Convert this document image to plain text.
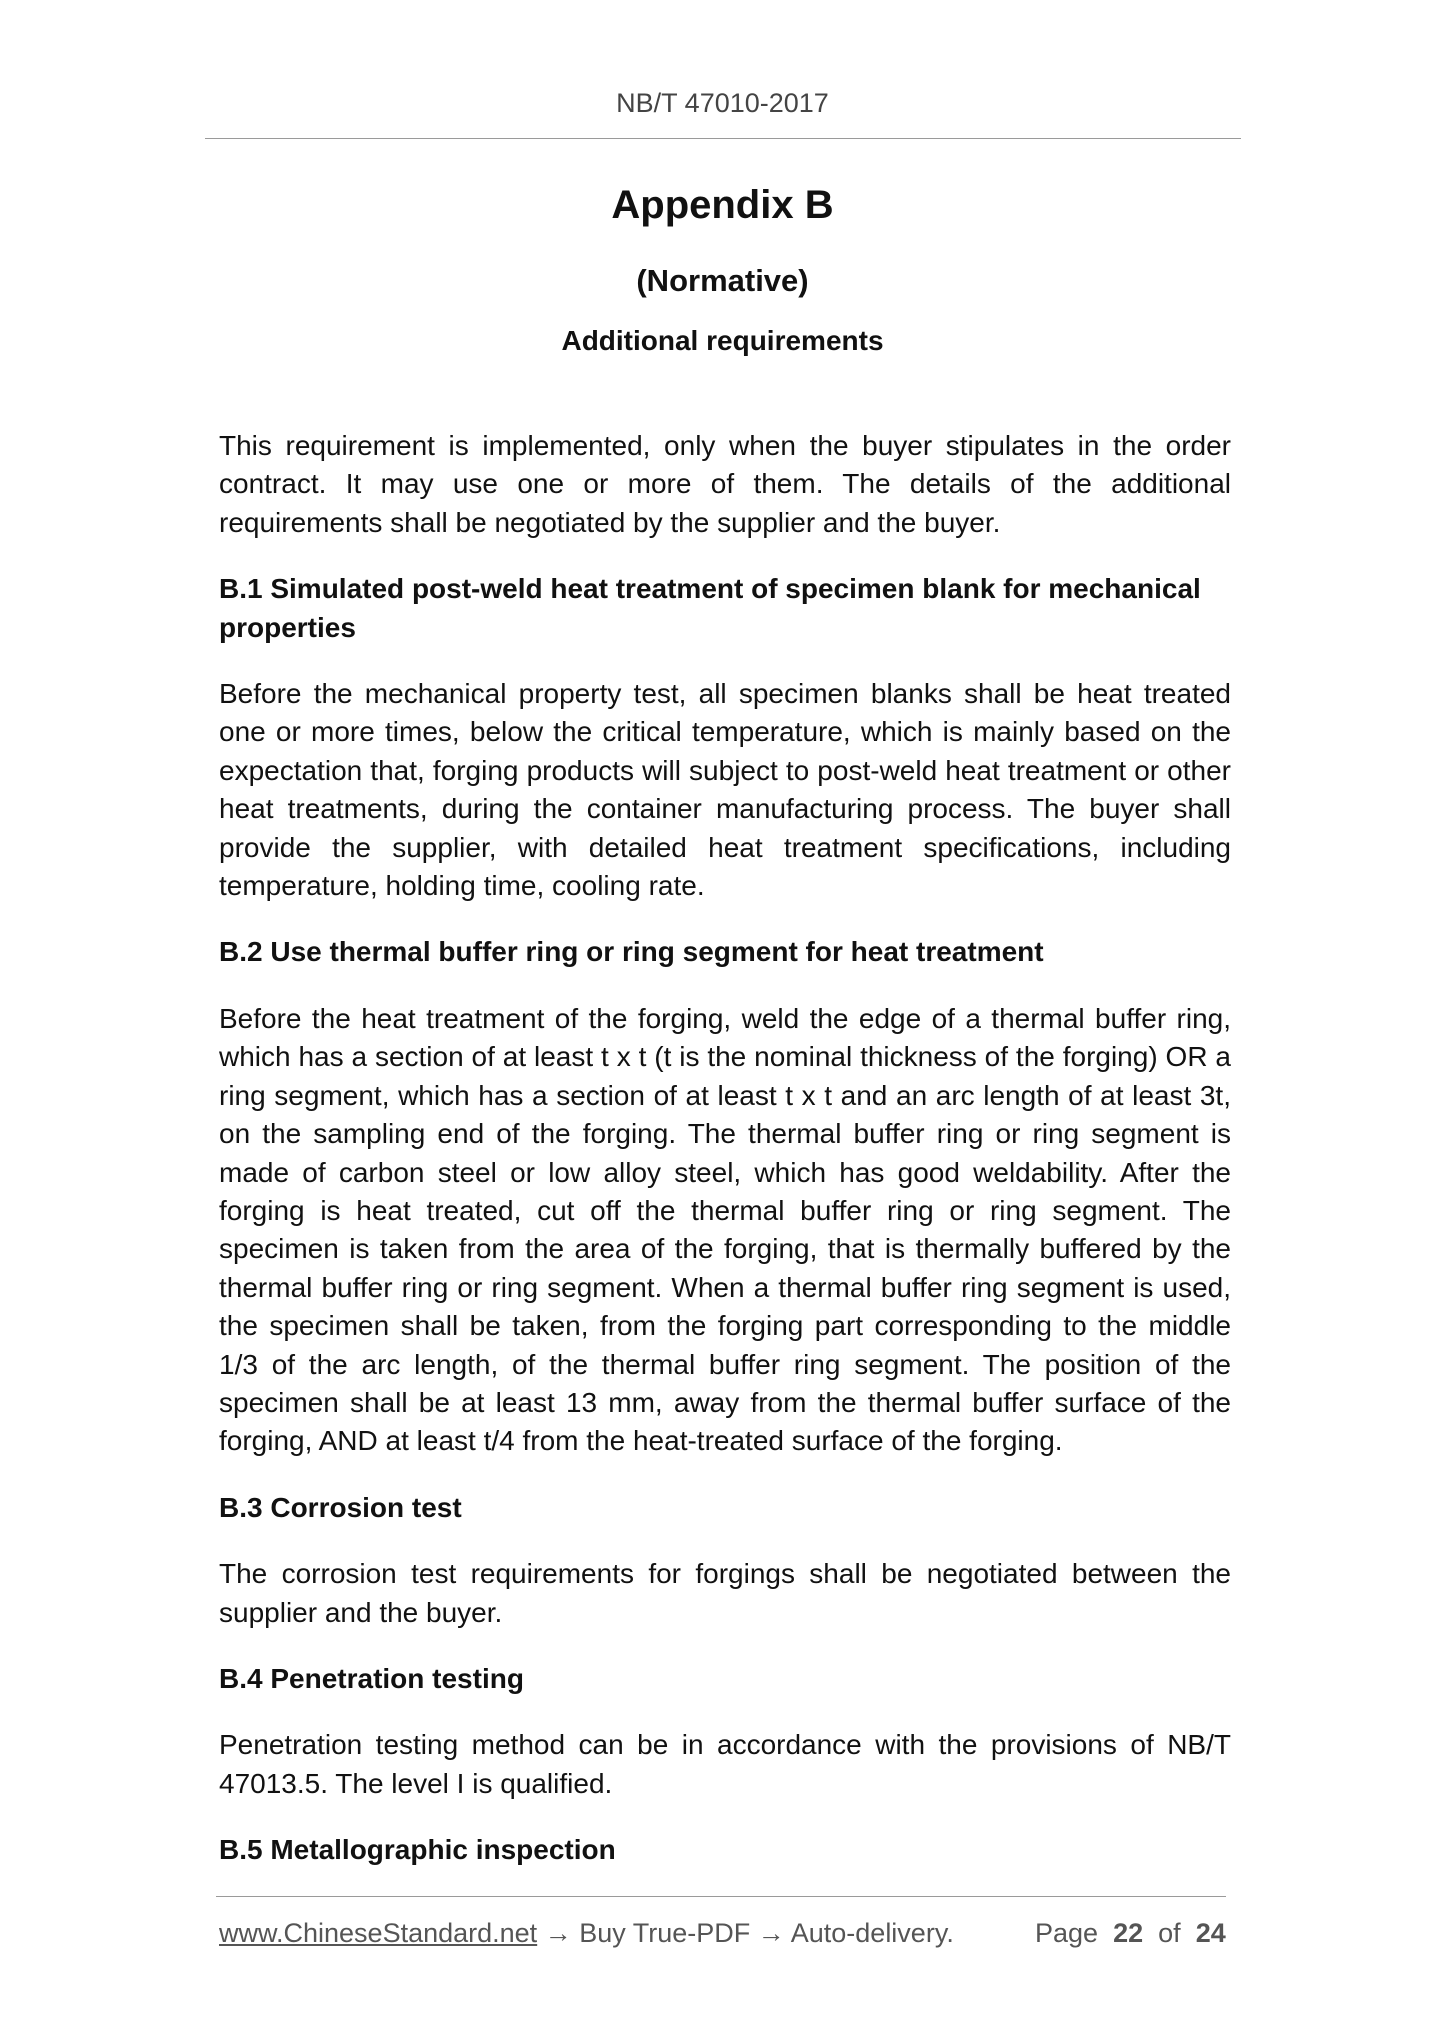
NB/T 47010-2017
Appendix B
(Normative)
Additional requirements

This requirement is implemented, only when the buyer stipulates in the order contract. It may use one or more of them. The details of the additional requirements shall be negotiated by the supplier and the buyer.

B.1 Simulated post-weld heat treatment of specimen blank for mechanical properties

Before the mechanical property test, all specimen blanks shall be heat treated one or more times, below the critical temperature, which is mainly based on the expectation that, forging products will subject to post-weld heat treatment or other heat treatments, during the container manufacturing process. The buyer shall provide the supplier, with detailed heat treatment specifications, including temperature, holding time, cooling rate.

B.2 Use thermal buffer ring or ring segment for heat treatment

Before the heat treatment of the forging, weld the edge of a thermal buffer ring, which has a section of at least t x t (t is the nominal thickness of the forging) OR a ring segment, which has a section of at least t x t and an arc length of at least 3t, on the sampling end of the forging. The thermal buffer ring or ring segment is made of carbon steel or low alloy steel, which has good weldability. After the forging is heat treated, cut off the thermal buffer ring or ring segment. The specimen is taken from the area of the forging, that is thermally buffered by the thermal buffer ring or ring segment. When a thermal buffer ring segment is used, the specimen shall be taken, from the forging part corresponding to the middle 1/3 of the arc length, of the thermal buffer ring segment. The position of the specimen shall be at least 13 mm, away from the thermal buffer surface of the forging, AND at least t/4 from the heat-treated surface of the forging.

B.3 Corrosion test

The corrosion test requirements for forgings shall be negotiated between the supplier and the buyer.

B.4 Penetration testing

Penetration testing method can be in accordance with the provisions of NB/T 47013.5. The level I is qualified.

B.5 Metallographic inspection
www.ChineseStandard.net → Buy True-PDF → Auto-delivery.	Page 22 of 24
